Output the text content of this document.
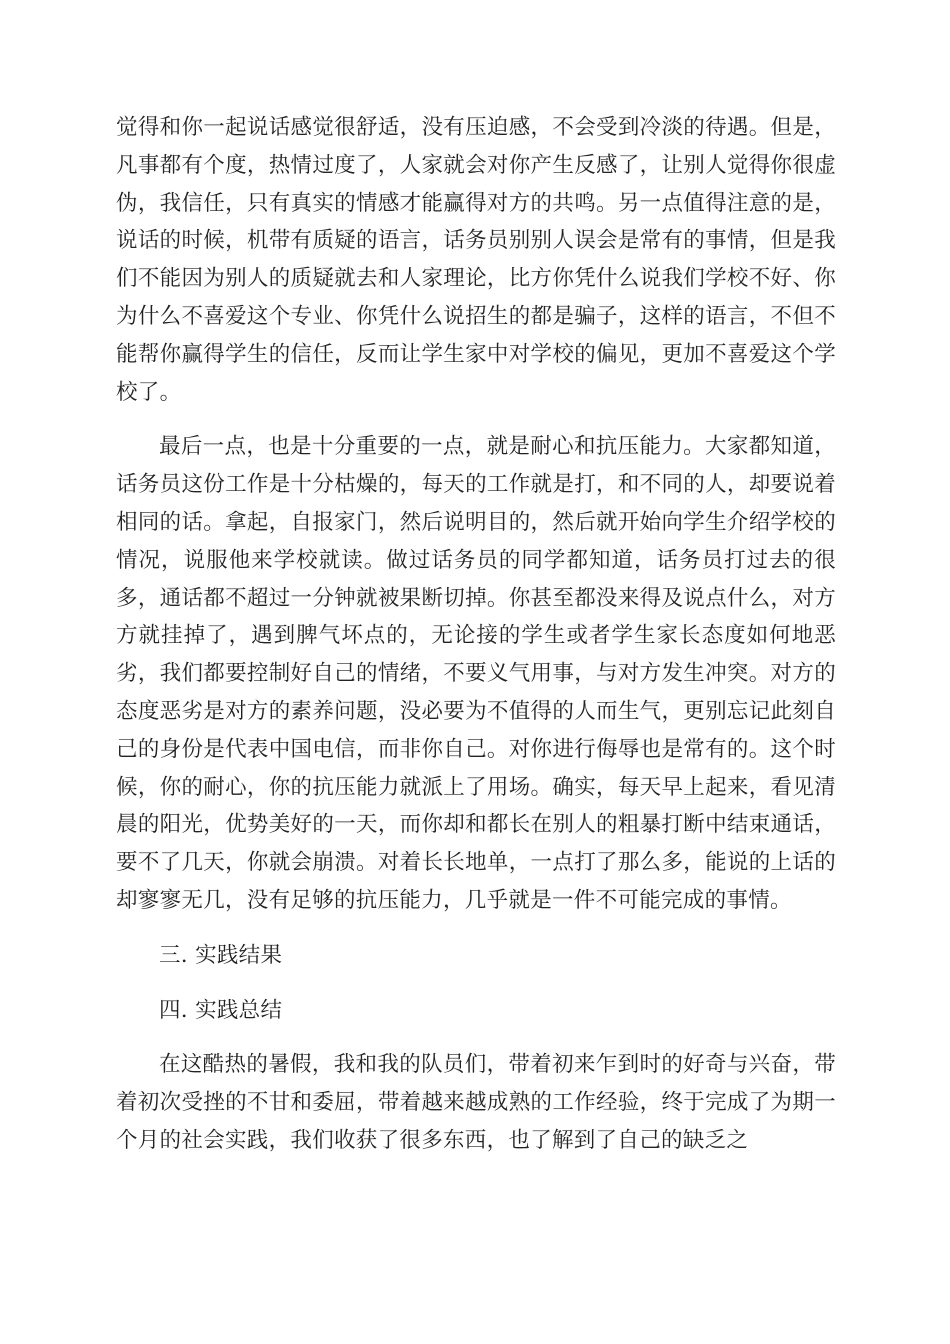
觉得和你一起说话感觉很舒适，没有压迫感，不会受到冷淡的待遇。但是，凡事都有个度，热情过度了，人家就会对你产生反感了，让别人觉得你很虚伪，我信任，只有真实的情感才能赢得对方的共鸣。另一点值得注意的是，说话的时候，机带有质疑的语言，话务员别别人误会是常有的事情，但是我们不能因为别人的质疑就去和人家理论，比方你凭什么说我们学校不好、你为什么不喜爱这个专业、你凭什么说招生的都是骗子，这样的语言，不但不能帮你赢得学生的信任，反而让学生家中对学校的偏见，更加不喜爱这个学校了。

最后一点，也是十分重要的一点，就是耐心和抗压能力。大家都知道，话务员这份工作是十分枯燥的，每天的工作就是打，和不同的人，却要说着相同的话。拿起，自报家门，然后说明目的，然后就开始向学生介绍学校的情况，说服他来学校就读。做过话务员的同学都知道，话务员打过去的很多，通话都不超过一分钟就被果断切掉。你甚至都没来得及说点什么，对方方就挂掉了，遇到脾气坏点的，无论接的学生或者学生家长态度如何地恶劣，我们都要控制好自己的情绪，不要义气用事，与对方发生冲突。对方的态度恶劣是对方的素养问题，没必要为不值得的人而生气，更别忘记此刻自己的身份是代表中国电信，而非你自己。对你进行侮辱也是常有的。这个时候，你的耐心，你的抗压能力就派上了用场。确实，每天早上起来，看见清晨的阳光，优势美好的一天，而你却和都长在别人的粗暴打断中结束通话，要不了几天，你就会崩溃。对着长长地单，一点打了那么多，能说的上话的却寥寥无几，没有足够的抗压能力，几乎就是一件不可能完成的事情。

三. 实践结果

四. 实践总结

在这酷热的暑假，我和我的队员们，带着初来乍到时的好奇与兴奋，带着初次受挫的不甘和委屈，带着越来越成熟的工作经验，终于完成了为期一个月的社会实践，我们收获了很多东西，也了解到了自己的缺乏之
